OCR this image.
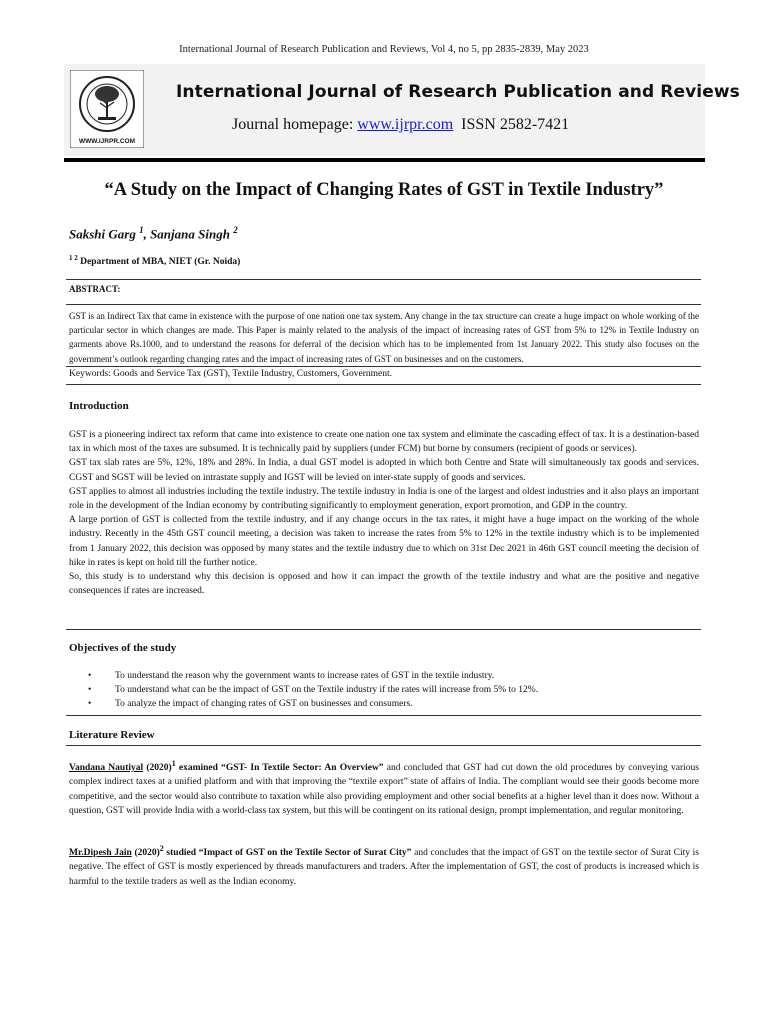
International Journal of Research Publication and Reviews, Vol 4, no 5, pp 2835-2839, May 2023
WWW.IJRPR.COM
International Journal of Research Publication and Reviews
Journal homepage: www.ijrpr.com ISSN 2582-7421
“A Study on the Impact of Changing Rates of GST in Textile Industry”
Sakshi Garg $^1$, Sanjana Singh $^2$
$^{1 2}$ Department of MBA, NIET (Gr. Noida)
ABSTRACT:
GST is an Indirect Tax that came in existence with the purpose of one nation one tax system. Any change in the tax structure can create a huge impact on whole working of the particular sector in which changes are made. This Paper is mainly related to the analysis of the impact of increasing rates of GST from 5% to 12% in Textile Industry on garments above Rs.1000, and to understand the reasons for deferral of the decision which has to be implemented from 1st January 2022. This study also focuses on the government’s outlook regarding changing rates and the impact of increasing rates of GST on businesses and on the customers.
Keywords: Goods and Service Tax (GST), Textile Industry, Customers, Government.
Introduction

GST is a pioneering indirect tax reform that came into existence to create one nation one tax system and eliminate the cascading effect of tax. It is a destination-based tax in which most of the taxes are subsumed. It is technically paid by suppliers (under FCM) but borne by consumers (recipient of goods or services).

GST tax slab rates are 5%, 12%, 18% and 28%. In India, a dual GST model is adopted in which both Centre and State will simultaneously tax goods and services. CGST and SGST will be levied on intrastate supply and IGST will be levied on inter-state supply of goods and services.

GST applies to almost all industries including the textile industry. The textile industry in India is one of the largest and oldest industries and it also plays an important role in the development of the Indian economy by contributing significantly to employment generation, export promotion, and GDP in the country.

A large portion of GST is collected from the textile industry, and if any change occurs in the tax rates, it might have a huge impact on the working of the whole industry. Recently in the 45th GST council meeting, a decision was taken to increase the rates from 5% to 12% in the textile industry which is to be implemented from 1 January 2022, this decision was opposed by many states and the textile industry due to which on 31st Dec 2021 in 46th GST council meeting the decision of hike in rates is kept on hold till the further notice.

So, this study is to understand why this decision is opposed and how it can impact the growth of the textile industry and what are the positive and negative consequences if rates are increased.

Objectives of the study
• To understand the reason why the government wants to increase rates of GST in the textile industry.
• To understand what can be the impact of GST on the Textile industry if the rates will increase from 5% to 12%.
• To analyze the impact of changing rates of GST on businesses and consumers.
Literature Review
Vandana Nautiyal $(2020)^1$ examined “GST- In Textile Sector: An Overview” and concluded that GST had cut down the old procedures by conveying various complex indirect taxes at a unified platform and with that improving the “textile export” state of affairs of India. The compliant would see their goods become more competitive, and the sector would also contribute to taxation while also providing employment and other social benefits at a higher level than it does now. Without a question, GST will provide India with a world-class tax system, but this will be contingent on its rational design, prompt implementation, and regular monitoring.
Mr.Dipesh Jain $(2020)^2$ studied “Impact of GST on the Textile Sector of Surat City” and concludes that the impact of GST on the textile sector of Surat City is negative. The effect of GST is mostly experienced by threads manufacturers and traders. After the implementation of GST, the cost of products is increased which is harmful to the textile traders as well as the Indian economy.
